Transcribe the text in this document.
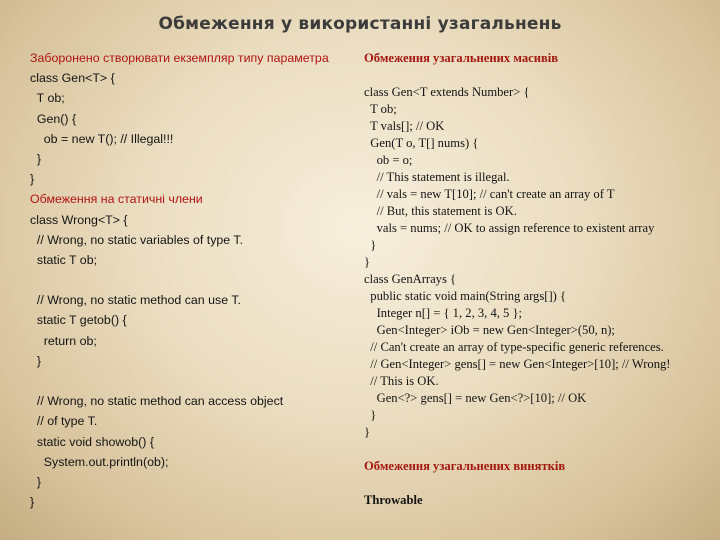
Обмеження у використанні узагальнень
Заборонено створювати екземпляр типу параметра
class Gen<T> {
T ob;
Gen() {
ob = new T(); // Illegal!!!
}
}
Обмеження на статичні члени
class Wrong<T> {
// Wrong, no static variables of type T.
static T ob;

// Wrong, no static method can use T.
static T getob() {
return ob;
}

// Wrong, no static method can access object
// of type T.
static void showob() {
System.out.println(ob);
}
}
Обмеження узагальнених масивів

class Gen<T extends Number> {
T ob;
T vals[]; // OK
Gen(T o, T[] nums) {
ob = o;
// This statement is illegal.
// vals = new T[10]; // can't create an array of T
// But, this statement is OK.
vals = nums; // OK to assign reference to existent array
}
}
class GenArrays {
public static void main(String args[]) {
Integer n[] = { 1, 2, 3, 4, 5 };
Gen<Integer> iOb = new Gen<Integer>(50, n);
// Can't create an array of type-specific generic references.
// Gen<Integer> gens[] = new Gen<Integer>[10]; // Wrong!
// This is OK.
Gen<?> gens[] = new Gen<?>[10]; // OK
}
}

Обмеження узагальнених винятків

Throwable
